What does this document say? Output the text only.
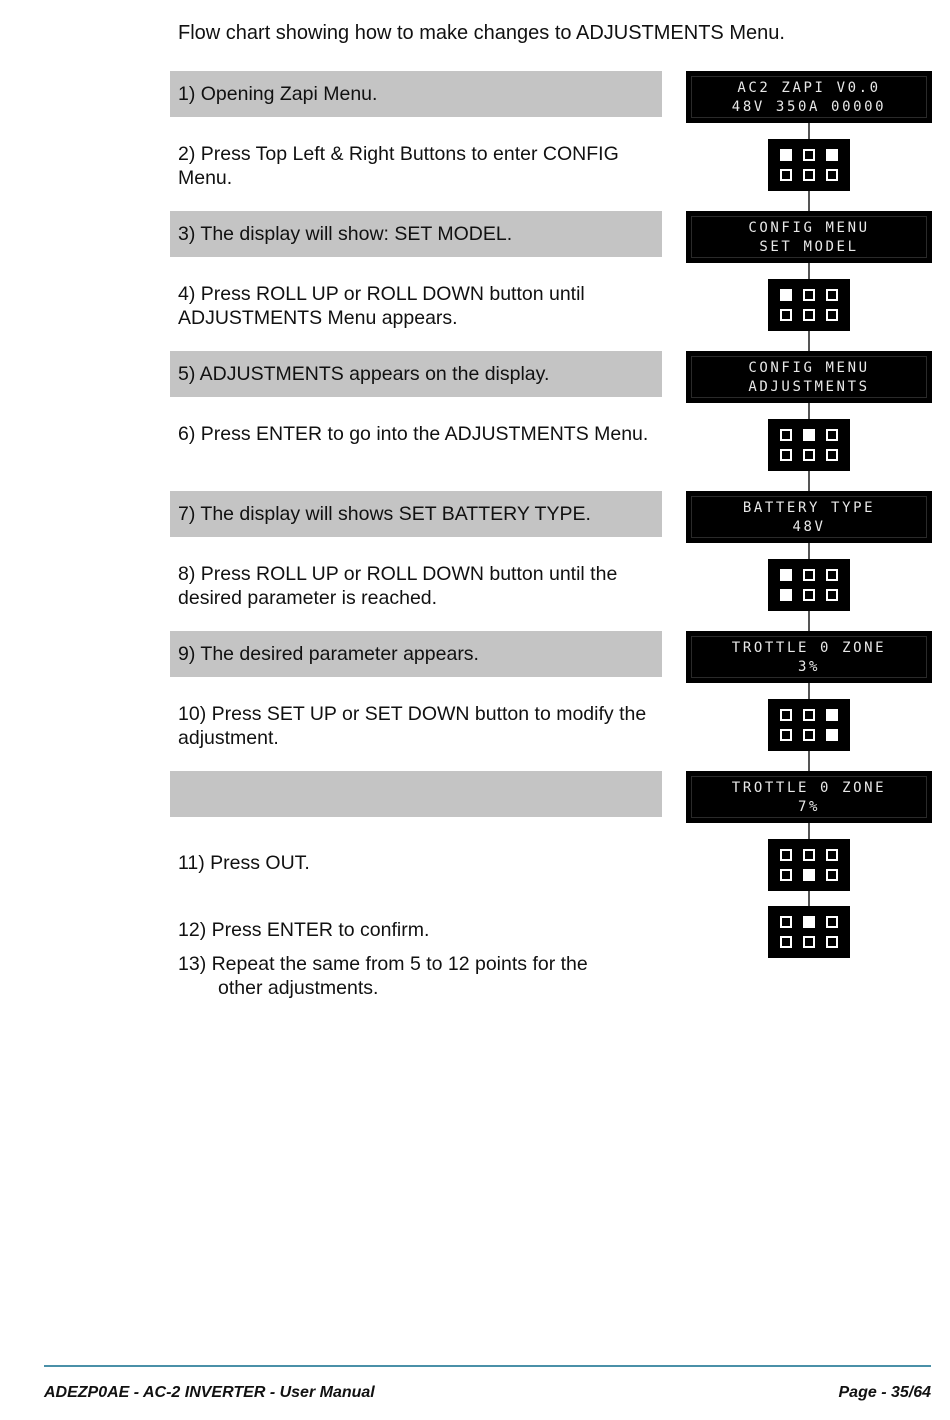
Flow chart showing how to make changes to ADJUSTMENTS Menu.
1) Opening Zapi Menu.
2) Press Top Left & Right Buttons to enter CONFIG Menu.
3) The display will show: SET MODEL.
4) Press ROLL UP or ROLL DOWN button until ADJUSTMENTS Menu appears.
5) ADJUSTMENTS appears on the display.
6) Press ENTER to go into the ADJUSTMENTS Menu.
7) The display will shows SET BATTERY TYPE.
8) Press ROLL UP or ROLL DOWN button until the desired parameter is reached.
9) The desired parameter appears.
10) Press SET UP or SET DOWN button to modify the adjustment.
11) Press OUT.
12) Press ENTER to confirm.
13) Repeat the same from 5 to 12 points for the
other adjustments.
AC2 ZAPI V0.0
48V 350A 00000
CONFIG MENU
SET MODEL
CONFIG MENU
ADJUSTMENTS
BATTERY TYPE
48V
TROTTLE 0 ZONE
3%
TROTTLE 0 ZONE
7%
ADEZP0AE - AC-2 INVERTER - User Manual	Page - 35/64
